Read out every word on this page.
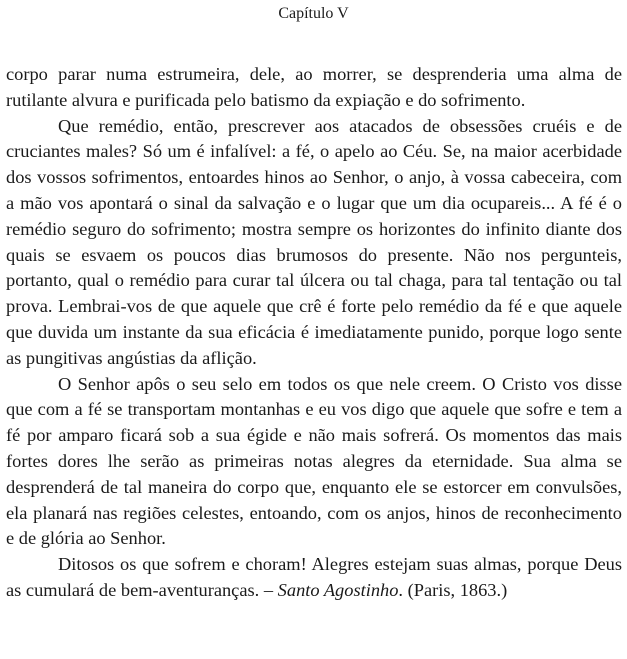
Capítulo V

corpo parar numa estrumeira, dele, ao morrer, se desprenderia uma alma de rutilante alvura e purificada pelo batismo da expiação e do sofrimento.

Que remédio, então, prescrever aos atacados de obsessões cruéis e de cruciantes males? Só um é infalível: a fé, o apelo ao Céu. Se, na maior acerbidade dos vossos sofrimentos, entoardes hinos ao Senhor, o anjo, à vossa cabeceira, com a mão vos apontará o sinal da salvação e o lugar que um dia ocupareis... A fé é o remédio seguro do sofrimento; mostra sempre os horizontes do infinito diante dos quais se esvaem os poucos dias brumosos do presente. Não nos pergunteis, portanto, qual o remédio para curar tal úlcera ou tal chaga, para tal tentação ou tal prova. Lembrai-vos de que aquele que crê é forte pelo remédio da fé e que aquele que duvida um instante da sua eficácia é imediatamente punido, porque logo sente as pungitivas angústias da aflição.

O Senhor apôs o seu selo em todos os que nele creem. O Cristo vos disse que com a fé se transportam montanhas e eu vos digo que aquele que sofre e tem a fé por amparo ficará sob a sua égide e não mais sofrerá. Os momentos das mais fortes dores lhe serão as primeiras notas alegres da eternidade. Sua alma se desprenderá de tal maneira do corpo que, enquanto ele se estorcer em convulsões, ela planará nas regiões celestes, entoando, com os anjos, hinos de reconhecimento e de glória ao Senhor.

Ditosos os que sofrem e choram! Alegres estejam suas almas, porque Deus as cumulará de bem-aventuranças. – Santo Agostinho. (Paris, 1863.)
